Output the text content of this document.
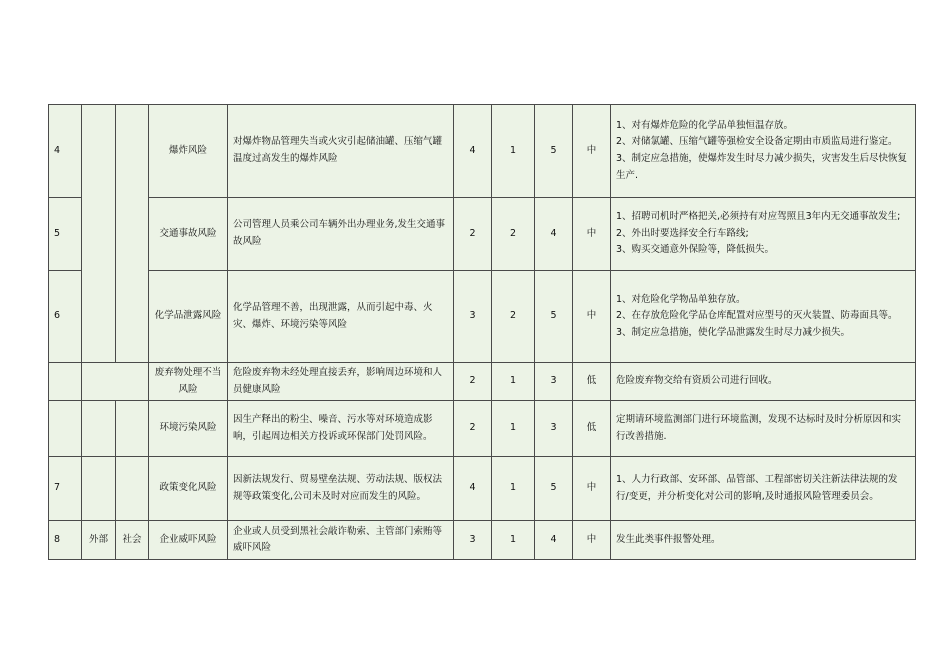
4			爆炸风险	对爆炸物品管理失当或火灾引起储油罐、压缩气罐温度过高发生的爆炸风险	4	1	5	中	1、对有爆炸危险的化学品单独恒温存放。
2、对储氯罐、压缩气罐等强检安全设备定期由市质监局进行鉴定。
3、制定应急措施，使爆炸发生时尽力减少损失，灾害发生后尽快恢复生产.

5			交通事故风险	公司管理人员乘公司车辆外出办理业务,发生交通事故风险	2	2	4	中	1、招聘司机时严格把关,必须持有对应驾照且3年内无交通事故发生;
2、外出时要选择安全行车路线;
3、购买交通意外保险等，降低损失。

6			化学品泄露风险	化学品管理不善，出现泄露，从而引起中毒、火灾、爆炸、环境污染等风险	3	2	5	中	1、对危险化学物品单独存放。
2、在存放危险化学品仓库配置对应型号的灭火装置、防毒面具等。
3、制定应急措施，使化学品泄露发生时尽力减少损失。

			废弃物处理不当风险	危险废弃物未经处理直接丢弃，影响周边环境和人员健康风险	2	1	3	低	危险废弃物交给有资质公司进行回收。

			环境污染风险	因生产释出的粉尘、噪音、污水等对环境造成影响，引起周边相关方投诉或环保部门处罚风险。	2	1	3	低	定期请环境监测部门进行环境监测，发现不达标时及时分析原因和实行改善措施.

7			政策变化风险	因新法规发行、贸易壁垒法规、劳动法规、版权法规等政策变化,公司未及时对应而发生的风险。	4	1	5	中	1、人力行政部、安环部、品管部、工程部密切关注新法律法规的发行/变更，并分析变化对公司的影响,及时通报风险管理委员会。

8	外部	社会	企业威吓风险	企业或人员受到黑社会敲诈勒索、主管部门索贿等威吓风险	3	1	4	中	发生此类事件报警处理。
